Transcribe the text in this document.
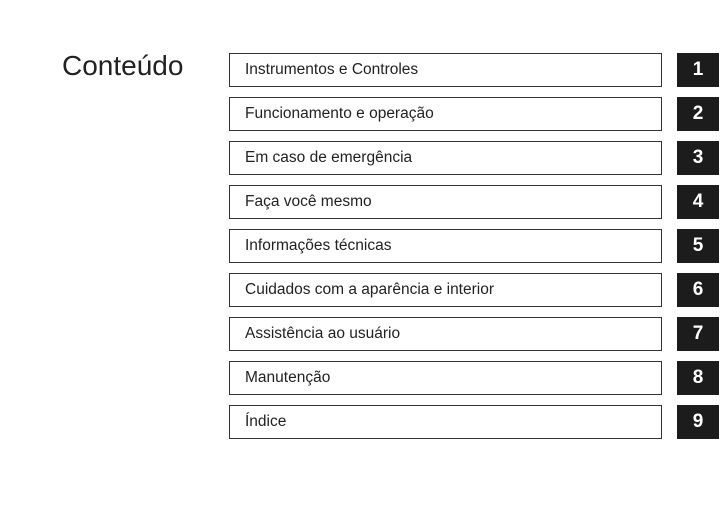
Conteúdo	Instrumentos e Controles	1
Funcionamento e operação	2
Em caso de emergência	3
Faça você mesmo	4
Informações técnicas	5
Cuidados com a aparência e interior	6
Assistência ao usuário	7
Manutenção	8
Índice	9
